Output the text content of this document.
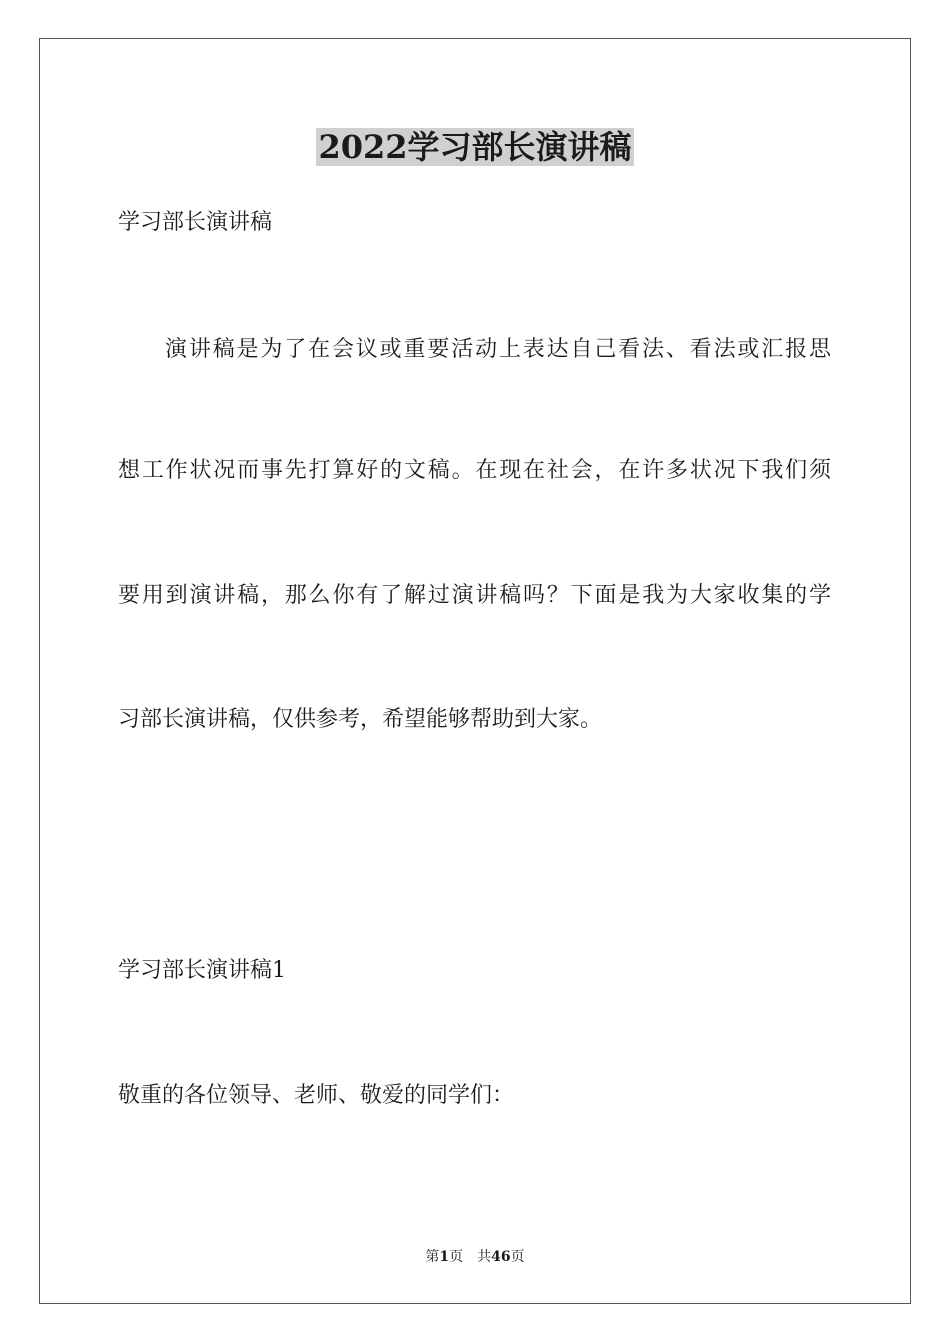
2022学习部长演讲稿
学习部长演讲稿
演讲稿是为了在会议或重要活动上表达自己看法、看法或汇报思
想工作状况而事先打算好的文稿。在现在社会，在许多状况下我们须
要用到演讲稿，那么你有了解过演讲稿吗？下面是我为大家收集的学
习部长演讲稿，仅供参考，希望能够帮助到大家。
学习部长演讲稿1
敬重的各位领导、老师、敬爱的同学们：
第1页 共46页
